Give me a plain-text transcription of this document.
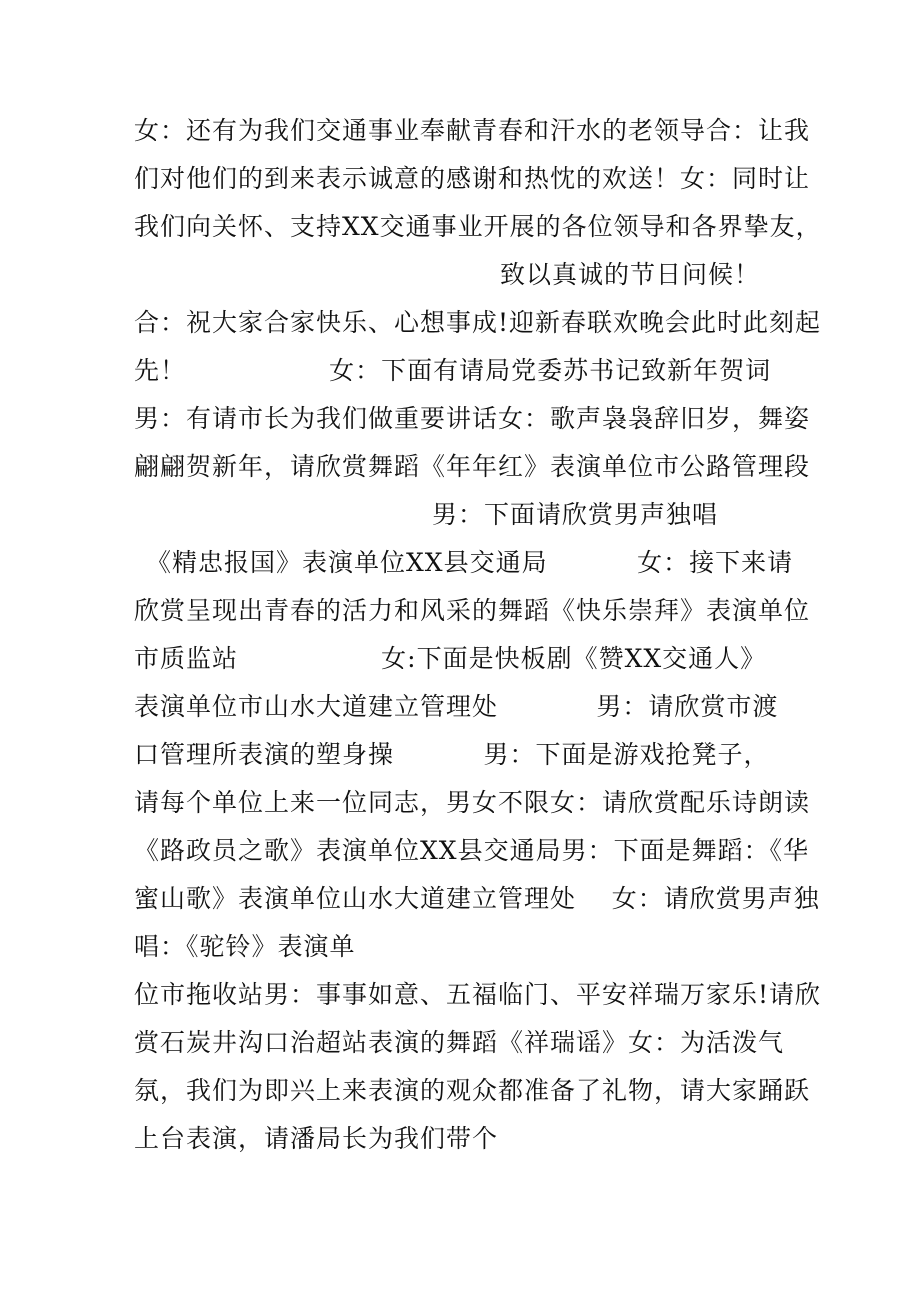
女：还有为我们交通事业奉献青春和汗水的老领导合：让我
们对他们的到来表示诚意的感谢和热忱的欢送！女：同时让
我们向关怀、支持XX交通事业开展的各位领导和各界挚友，
致以真诚的节日问候！
合：祝大家合家快乐、心想事成!迎新春联欢晚会此时此刻起
先！                女：下面有请局党委苏书记致新年贺词
男：有请市长为我们做重要讲话女：歌声袅袅辞旧岁，舞姿
翩翩贺新年，请欣赏舞蹈《年年红》表演单位市公路管理段
男：下面请欣赏男声独唱
《精忠报国》表演单位XX县交通局          女：接下来请
欣赏呈现出青春的活力和风采的舞蹈《快乐崇拜》表演单位
市质监站                女:下面是快板剧《赞XX交通人》
表演单位市山水大道建立管理处           男：请欣赏市渡
口管理所表演的塑身操          男：下面是游戏抢凳子，
请每个单位上来一位同志，男女不限女：请欣赏配乐诗朗读
《路政员之歌》表演单位XX县交通局男：下面是舞蹈：《华
蜜山歌》表演单位山水大道建立管理处    女：请欣赏男声独
唱：《驼铃》表演单
位市拖收站男：事事如意、五福临门、平安祥瑞万家乐!请欣
赏石炭井沟口治超站表演的舞蹈《祥瑞谣》女：为活泼气
氛，我们为即兴上来表演的观众都准备了礼物，请大家踊跃
上台表演，请潘局长为我们带个
